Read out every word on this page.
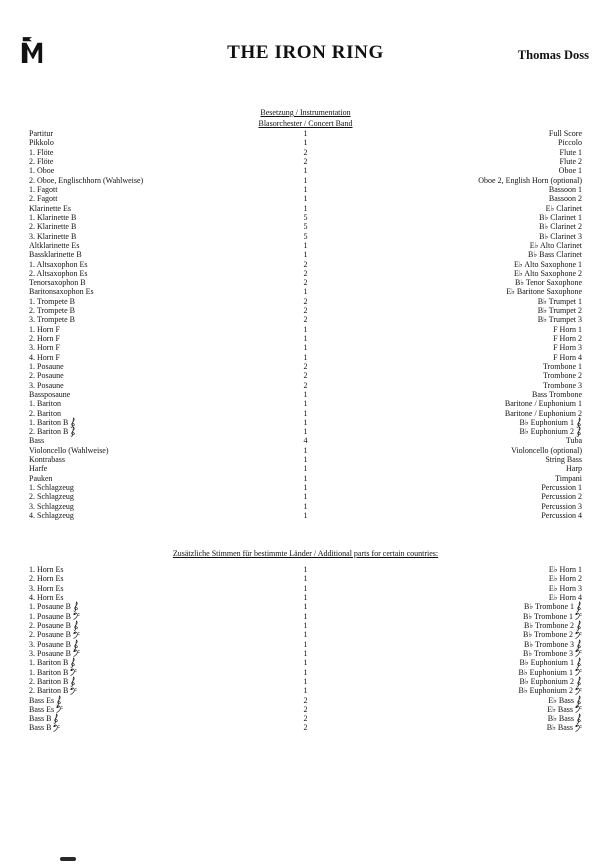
THE IRON RING	Thomas Doss
Besetzung / Instrumentation
Blasorchester / Concert Band
Partitur	1	Full Score
Pikkolo	1	Piccolo
1. Flöte	2	Flute 1
2. Flöte	2	Flute 2
1. Oboe	1	Oboe 1
2. Oboe, Englischhorn (Wahlweise)	1	Oboe 2, English Horn (optional)
1. Fagott	1	Bassoon 1
2. Fagott	1	Bassoon 2
Klarinette Es	1	E♭ Clarinet
1. Klarinette B	5	B♭ Clarinet 1
2. Klarinette B	5	B♭ Clarinet 2
3. Klarinette B	5	B♭ Clarinet 3
Altklarinette Es	1	E♭ Alto Clarinet
Bassklarinette B	1	B♭ Bass Clarinet
1. Altsaxophon Es	2	E♭ Alto Saxophone 1
2. Altsaxophon Es	2	E♭ Alto Saxophone 2
Tenorsaxophon B	2	B♭ Tenor Saxophone
Baritonsaxophon Es	1	E♭ Baritone Saxophone
1. Trompete B	2	B♭ Trumpet 1
2. Trompete B	2	B♭ Trumpet 2
3. Trompete B	2	B♭ Trumpet 3
1. Horn F	1	F Horn 1
2. Horn F	1	F Horn 2
3. Horn F	1	F Horn 3
4. Horn F	1	F Horn 4
1. Posaune	2	Trombone 1
2. Posaune	2	Trombone 2
3. Posaune	2	Trombone 3
Bassposaune	1	Bass Trombone
1. Bariton	1	Baritone / Euphonium 1
2. Bariton	1	Baritone / Euphonium 2
1. Bariton B	1	B♭ Euphonium 1
2. Bariton B	1	B♭ Euphonium 2
Bass	4	Tuba
Violoncello (Wahlweise)	1	Violoncello (optional)
Kontrabass	1	String Bass
Harfe	1	Harp
Pauken	1	Timpani
1. Schlagzeug	1	Percussion 1
2. Schlagzeug	1	Percussion 2
3. Schlagzeug	1	Percussion 3
4. Schlagzeug	1	Percussion 4
Zusätzliche Stimmen für bestimmte Länder / Additional parts for certain countries:
1. Horn Es	1	E♭ Horn 1
2. Horn Es	1	E♭ Horn 2
3. Horn Es	1	E♭ Horn 3
4. Horn Es	1	E♭ Horn 4
1. Posaune B	1	B♭ Trombone 1
1. Posaune B	1	B♭ Trombone 1
2. Posaune B	1	B♭ Trombone 2
2. Posaune B	1	B♭ Trombone 2
3. Posaune B	1	B♭ Trombone 3
3. Posaune B	1	B♭ Trombone 3
1. Bariton B	1	B♭ Euphonium 1
1. Bariton B	1	B♭ Euphonium 1
2. Bariton B	1	B♭ Euphonium 2
2. Bariton B	1	B♭ Euphonium 2
Bass Es	2	E♭ Bass
Bass Es	2	E♭ Bass
Bass B	2	B♭ Bass
Bass B	2	B♭ Bass
